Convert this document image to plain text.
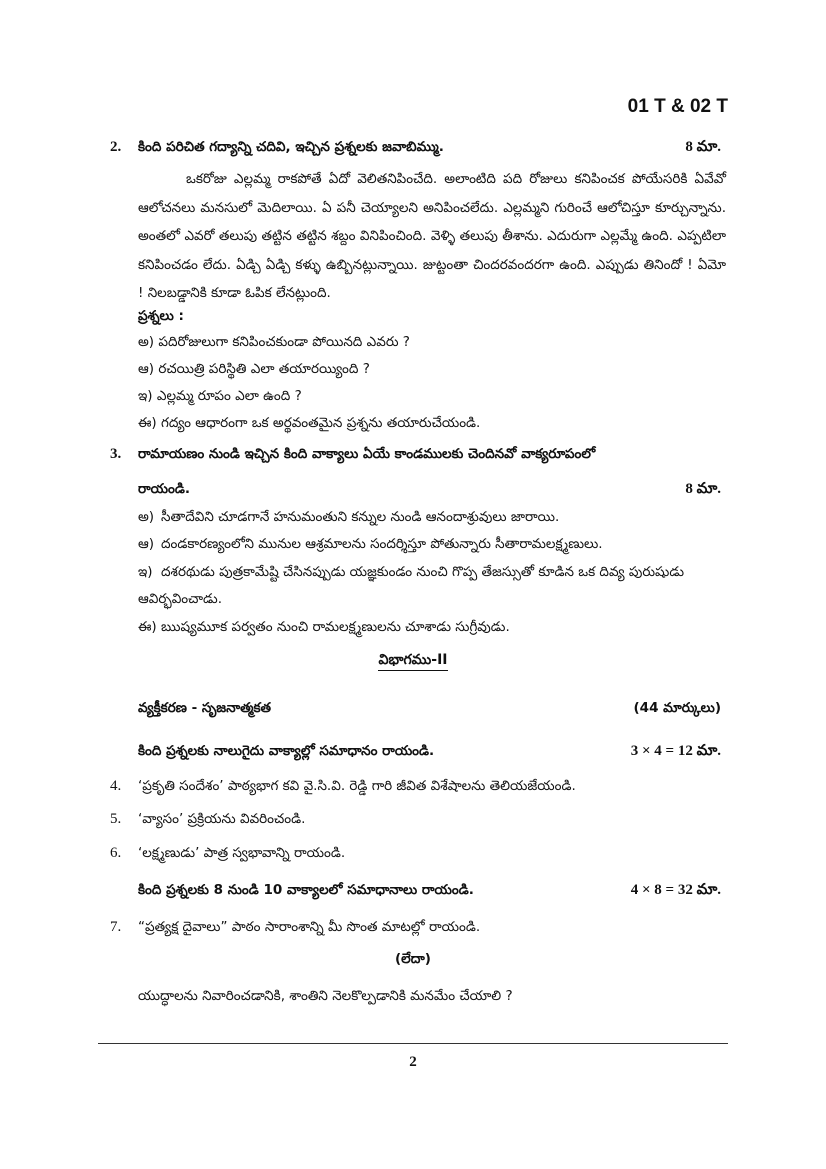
01 T & 02 T
2. కింది పరిచిత గద్యాన్ని చదివి, ఇచ్చిన ప్రశ్నలకు జవాబిమ్ము.	8 మా.
ఒకరోజు ఎల్లమ్మ రాకపోతే ఏదో వెలితనిపించేది. అలాంటిది పది రోజులు కనిపించక పోయేసరికి ఏవేవో ఆలోచనలు మనసులో మెదిలాయి. ఏ పనీ చెయ్యాలని అనిపించలేదు. ఎల్లమ్మని గురించే ఆలోచిస్తూ కూర్చున్నాను. అంతలో ఎవరో తలుపు తట్టిన తట్టిన శబ్దం వినిపించింది. వెళ్ళి తలుపు తీశాను. ఎదురుగా ఎల్లమ్మే ఉంది. ఎప్పటిలా కనిపించడం లేదు. ఏడ్చి ఏడ్చి కళ్ళు ఉబ్బినట్లున్నాయి. జుట్టంతా చిందరవందరగా ఉంది. ఎప్పుడు తినిందో ! ఏమో ! నిలబడ్డానికి కూడా ఓపిక లేనట్లుంది.
ప్రశ్నలు :
అ) పదిరోజులుగా కనిపించకుండా పోయినది ఎవరు ?
ఆ) రచయిత్రి పరిస్థితి ఎలా తయారయ్యింది ?
ఇ) ఎల్లమ్మ రూపం ఎలా ఉంది ?
ఈ) గద్యం ఆధారంగా ఒక అర్థవంతమైన ప్రశ్నను తయారుచేయండి.
3. రామాయణం నుండి ఇచ్చిన కింది వాక్యాలు ఏయే కాండములకు చెందినవో వాక్యరూపంలో
రాయండి.	8 మా.
అ) సీతాదేవిని చూడగానే హనుమంతుని కన్నుల నుండి ఆనందాశ్రువులు జారాయి.
ఆ) దండకారణ్యంలోని మునుల ఆశ్రమాలను సందర్శిస్తూ పోతున్నారు సీతారామలక్ష్మణులు.
ఇ) దశరథుడు పుత్రకామేష్టి చేసినప్పుడు యజ్ఞకుండం నుంచి గొప్ప తేజస్సుతో కూడిన ఒక దివ్య పురుషుడు ఆవిర్భవించాడు.
ఈ) ఋష్యమూక పర్వతం నుంచి రామలక్ష్మణులను చూశాడు సుగ్రీవుడు.
విభాగము-II
వ్యక్తీకరణ - సృజనాత్మకత	(44 మార్కులు)
కింది ప్రశ్నలకు నాలుగైదు వాక్యాల్లో సమాధానం రాయండి.	3 × 4 = 12 మా.
4. ‘ప్రకృతి సందేశం’ పాఠ్యభాగ కవి వై.సి.వి. రెడ్డి గారి జీవిత విశేషాలను తెలియజేయండి.
5. ‘వ్యాసం’ ప్రక్రియను వివరించండి.
6. ‘లక్ష్మణుడు’ పాత్ర స్వభావాన్ని రాయండి.
కింది ప్రశ్నలకు 8 నుండి 10 వాక్యాలలో సమాధానాలు రాయండి.	4 × 8 = 32 మా.
7. “ప్రత్యక్ష దైవాలు” పాఠం సారాంశాన్ని మీ సొంత మాటల్లో రాయండి.
(లేదా)
యుద్ధాలను నివారించడానికి, శాంతిని నెలకొల్పడానికి మనమేం చేయాలి ?
2
